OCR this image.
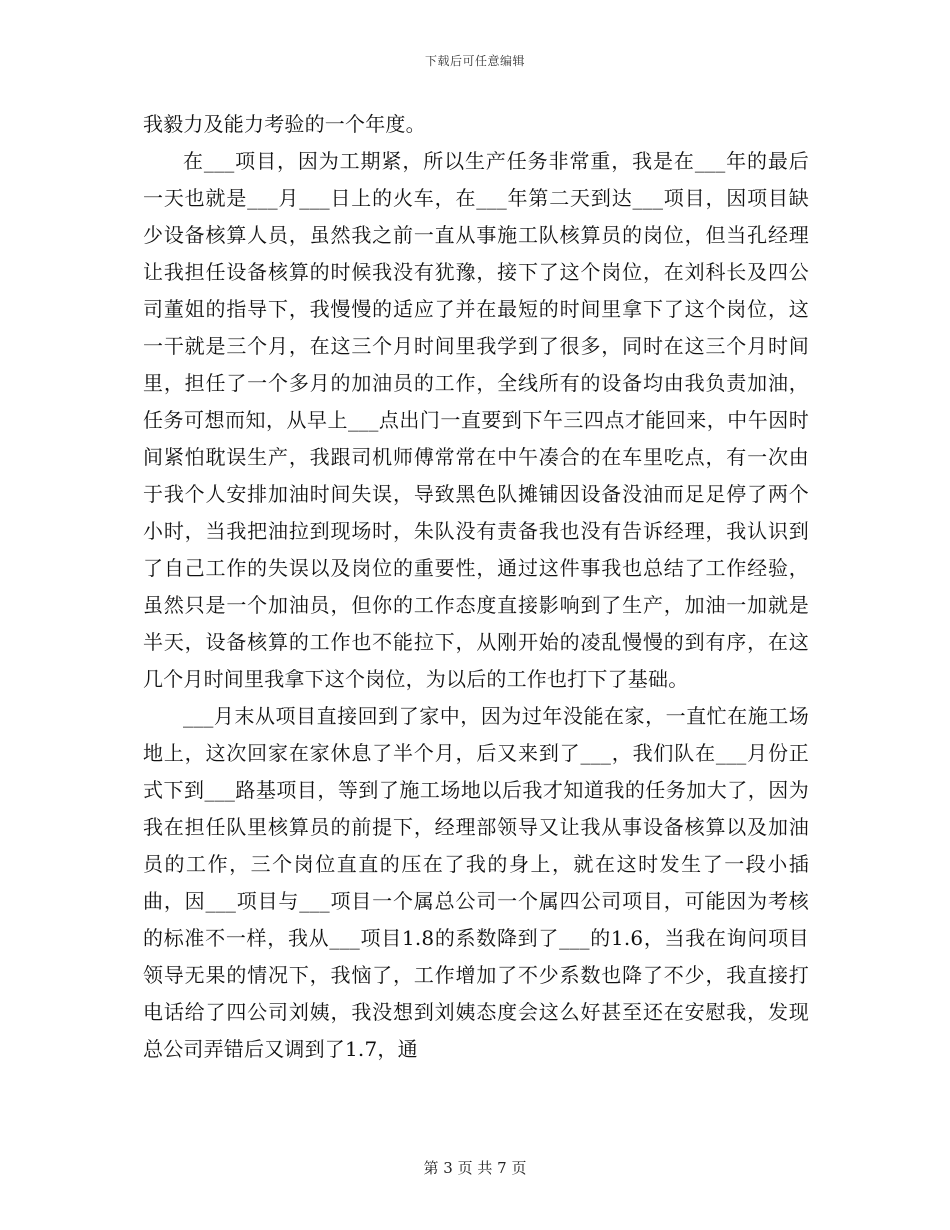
下载后可任意编辑

我毅力及能力考验的一个年度。

在___项目，因为工期紧，所以生产任务非常重，我是在___年的最后一天也就是___月___日上的火车，在___年第二天到达___项目，因项目缺少设备核算人员，虽然我之前一直从事施工队核算员的岗位，但当孔经理让我担任设备核算的时候我没有犹豫，接下了这个岗位，在刘科长及四公司董姐的指导下，我慢慢的适应了并在最短的时间里拿下了这个岗位，这一干就是三个月，在这三个月时间里我学到了很多，同时在这三个月时间里，担任了一个多月的加油员的工作，全线所有的设备均由我负责加油，任务可想而知，从早上___点出门一直要到下午三四点才能回来，中午因时间紧怕耽误生产，我跟司机师傅常常在中午凑合的在车里吃点，有一次由于我个人安排加油时间失误，导致黑色队摊铺因设备没油而足足停了两个小时，当我把油拉到现场时，朱队没有责备我也没有告诉经理，我认识到了自己工作的失误以及岗位的重要性，通过这件事我也总结了工作经验，虽然只是一个加油员，但你的工作态度直接影响到了生产，加油一加就是半天，设备核算的工作也不能拉下，从刚开始的凌乱慢慢的到有序，在这几个月时间里我拿下这个岗位，为以后的工作也打下了基础。

___月末从项目直接回到了家中，因为过年没能在家，一直忙在施工场地上，这次回家在家休息了半个月，后又来到了___，我们队在___月份正式下到___路基项目，等到了施工场地以后我才知道我的任务加大了，因为我在担任队里核算员的前提下，经理部领导又让我从事设备核算以及加油员的工作，三个岗位直直的压在了我的身上，就在这时发生了一段小插曲，因___项目与___项目一个属总公司一个属四公司项目，可能因为考核的标准不一样，我从___项目1.8的系数降到了___的1.6，当我在询问项目领导无果的情况下，我恼了，工作增加了不少系数也降了不少，我直接打电话给了四公司刘姨，我没想到刘姨态度会这么好甚至还在安慰我，发现总公司弄错后又调到了1.7，通

第 3 页 共 7 页
